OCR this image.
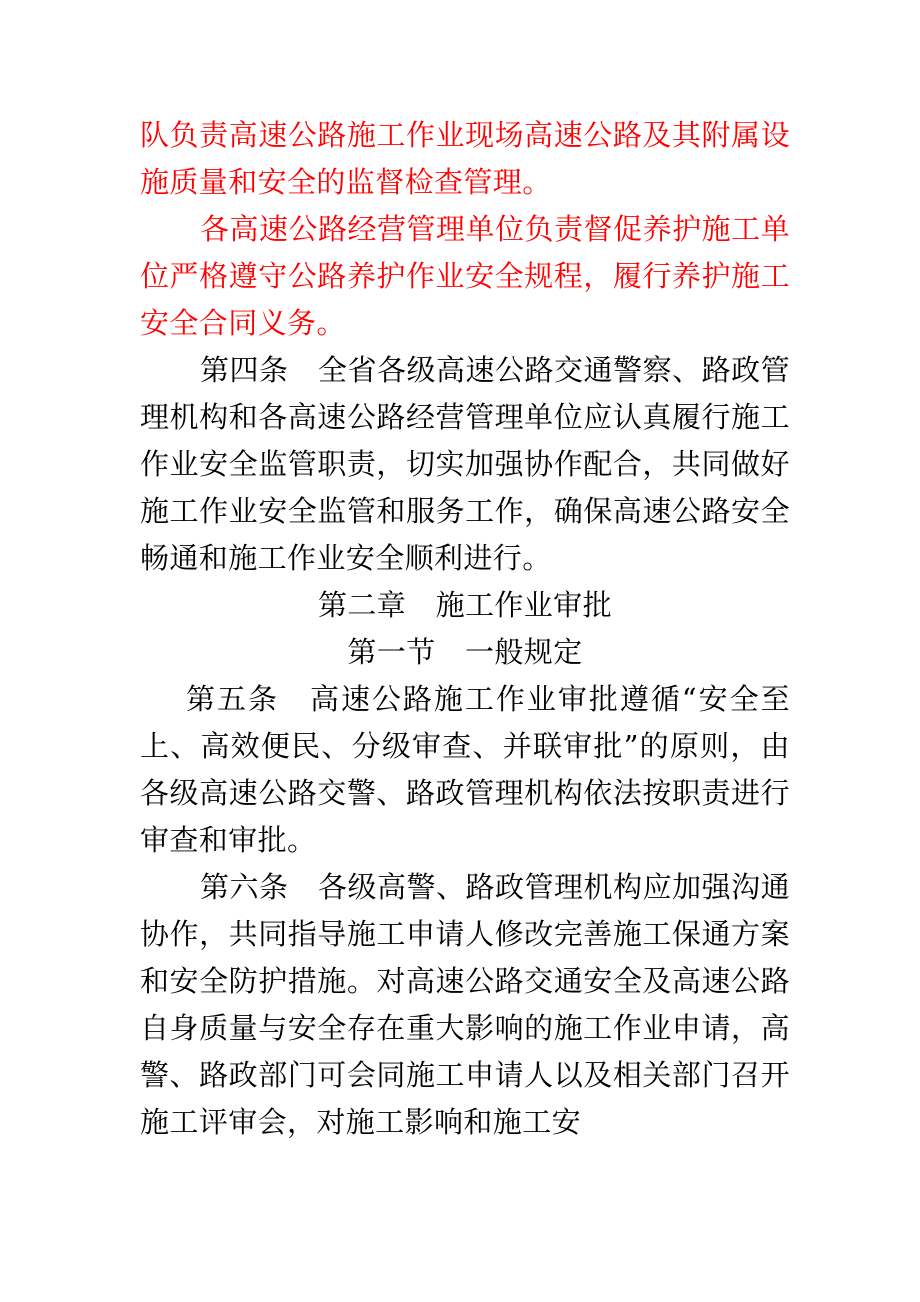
队负责高速公路施工作业现场高速公路及其附属设施质量和安全的监督检查管理。

各高速公路经营管理单位负责督促养护施工单位严格遵守公路养护作业安全规程，履行养护施工安全合同义务。

第四条　全省各级高速公路交通警察、路政管理机构和各高速公路经营管理单位应认真履行施工作业安全监管职责，切实加强协作配合，共同做好施工作业安全监管和服务工作，确保高速公路安全畅通和施工作业安全顺利进行。

第二章　施工作业审批

第一节　一般规定

第五条　高速公路施工作业审批遵循“安全至上、高效便民、分级审查、并联审批”的原则，由各级高速公路交警、路政管理机构依法按职责进行审查和审批。

第六条　各级高警、路政管理机构应加强沟通协作，共同指导施工申请人修改完善施工保通方案和安全防护措施。对高速公路交通安全及高速公路自身质量与安全存在重大影响的施工作业申请，高警、路政部门可会同施工申请人以及相关部门召开施工评审会，对施工影响和施工安
